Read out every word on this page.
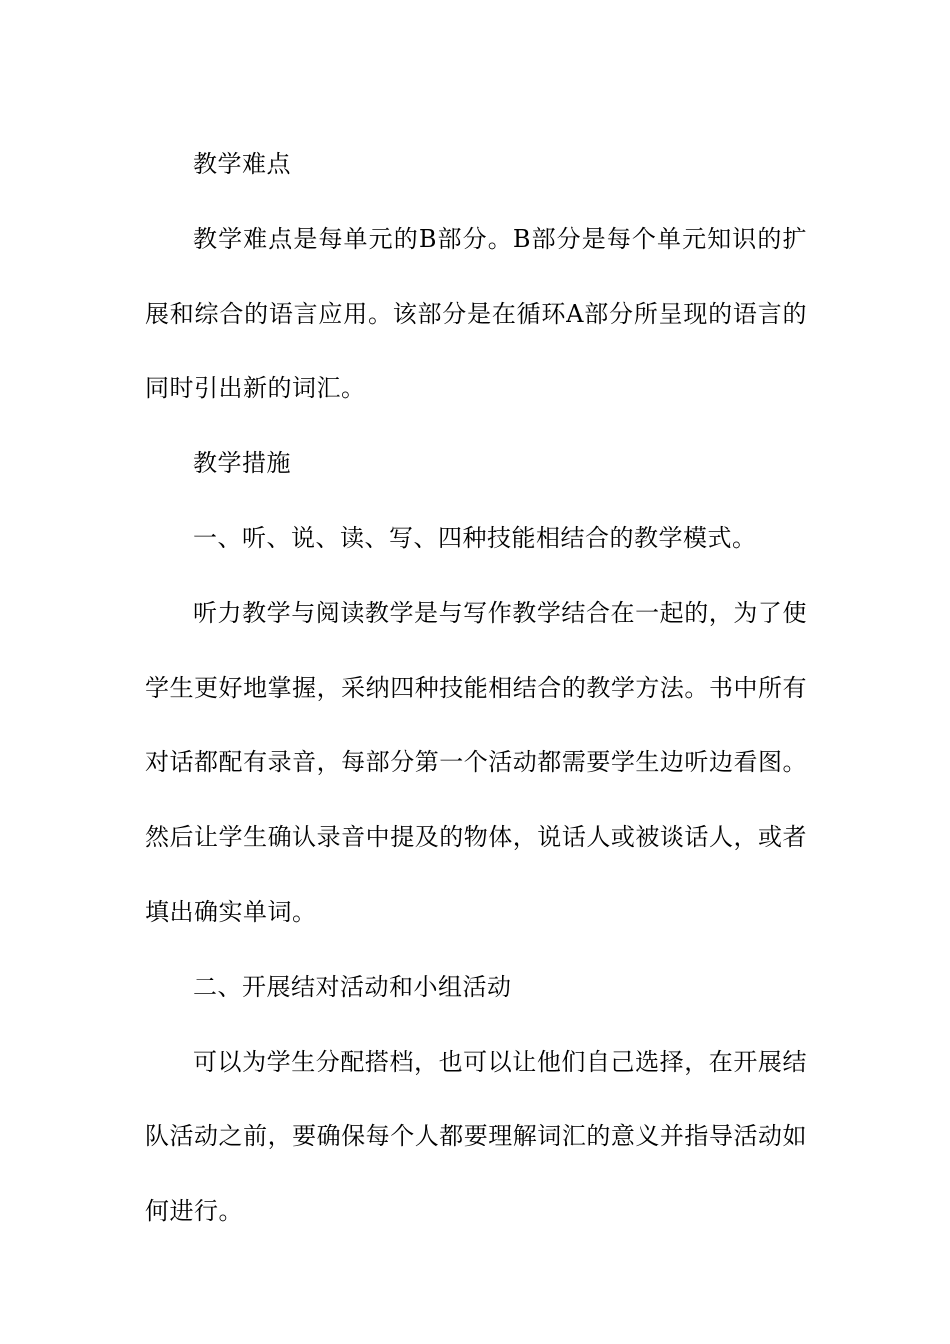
教学难点

教学难点是每单元的B部分。B部分是每个单元知识的扩展和综合的语言应用。该部分是在循环A部分所呈现的语言的同时引出新的词汇。

教学措施

一、听、说、读、写、四种技能相结合的教学模式。

听力教学与阅读教学是与写作教学结合在一起的，为了使学生更好地掌握，采纳四种技能相结合的教学方法。书中所有对话都配有录音，每部分第一个活动都需要学生边听边看图。然后让学生确认录音中提及的物体，说话人或被谈话人，或者填出确实单词。

二、开展结对活动和小组活动

可以为学生分配搭档，也可以让他们自己选择，在开展结队活动之前，要确保每个人都要理解词汇的意义并指导活动如何进行。
